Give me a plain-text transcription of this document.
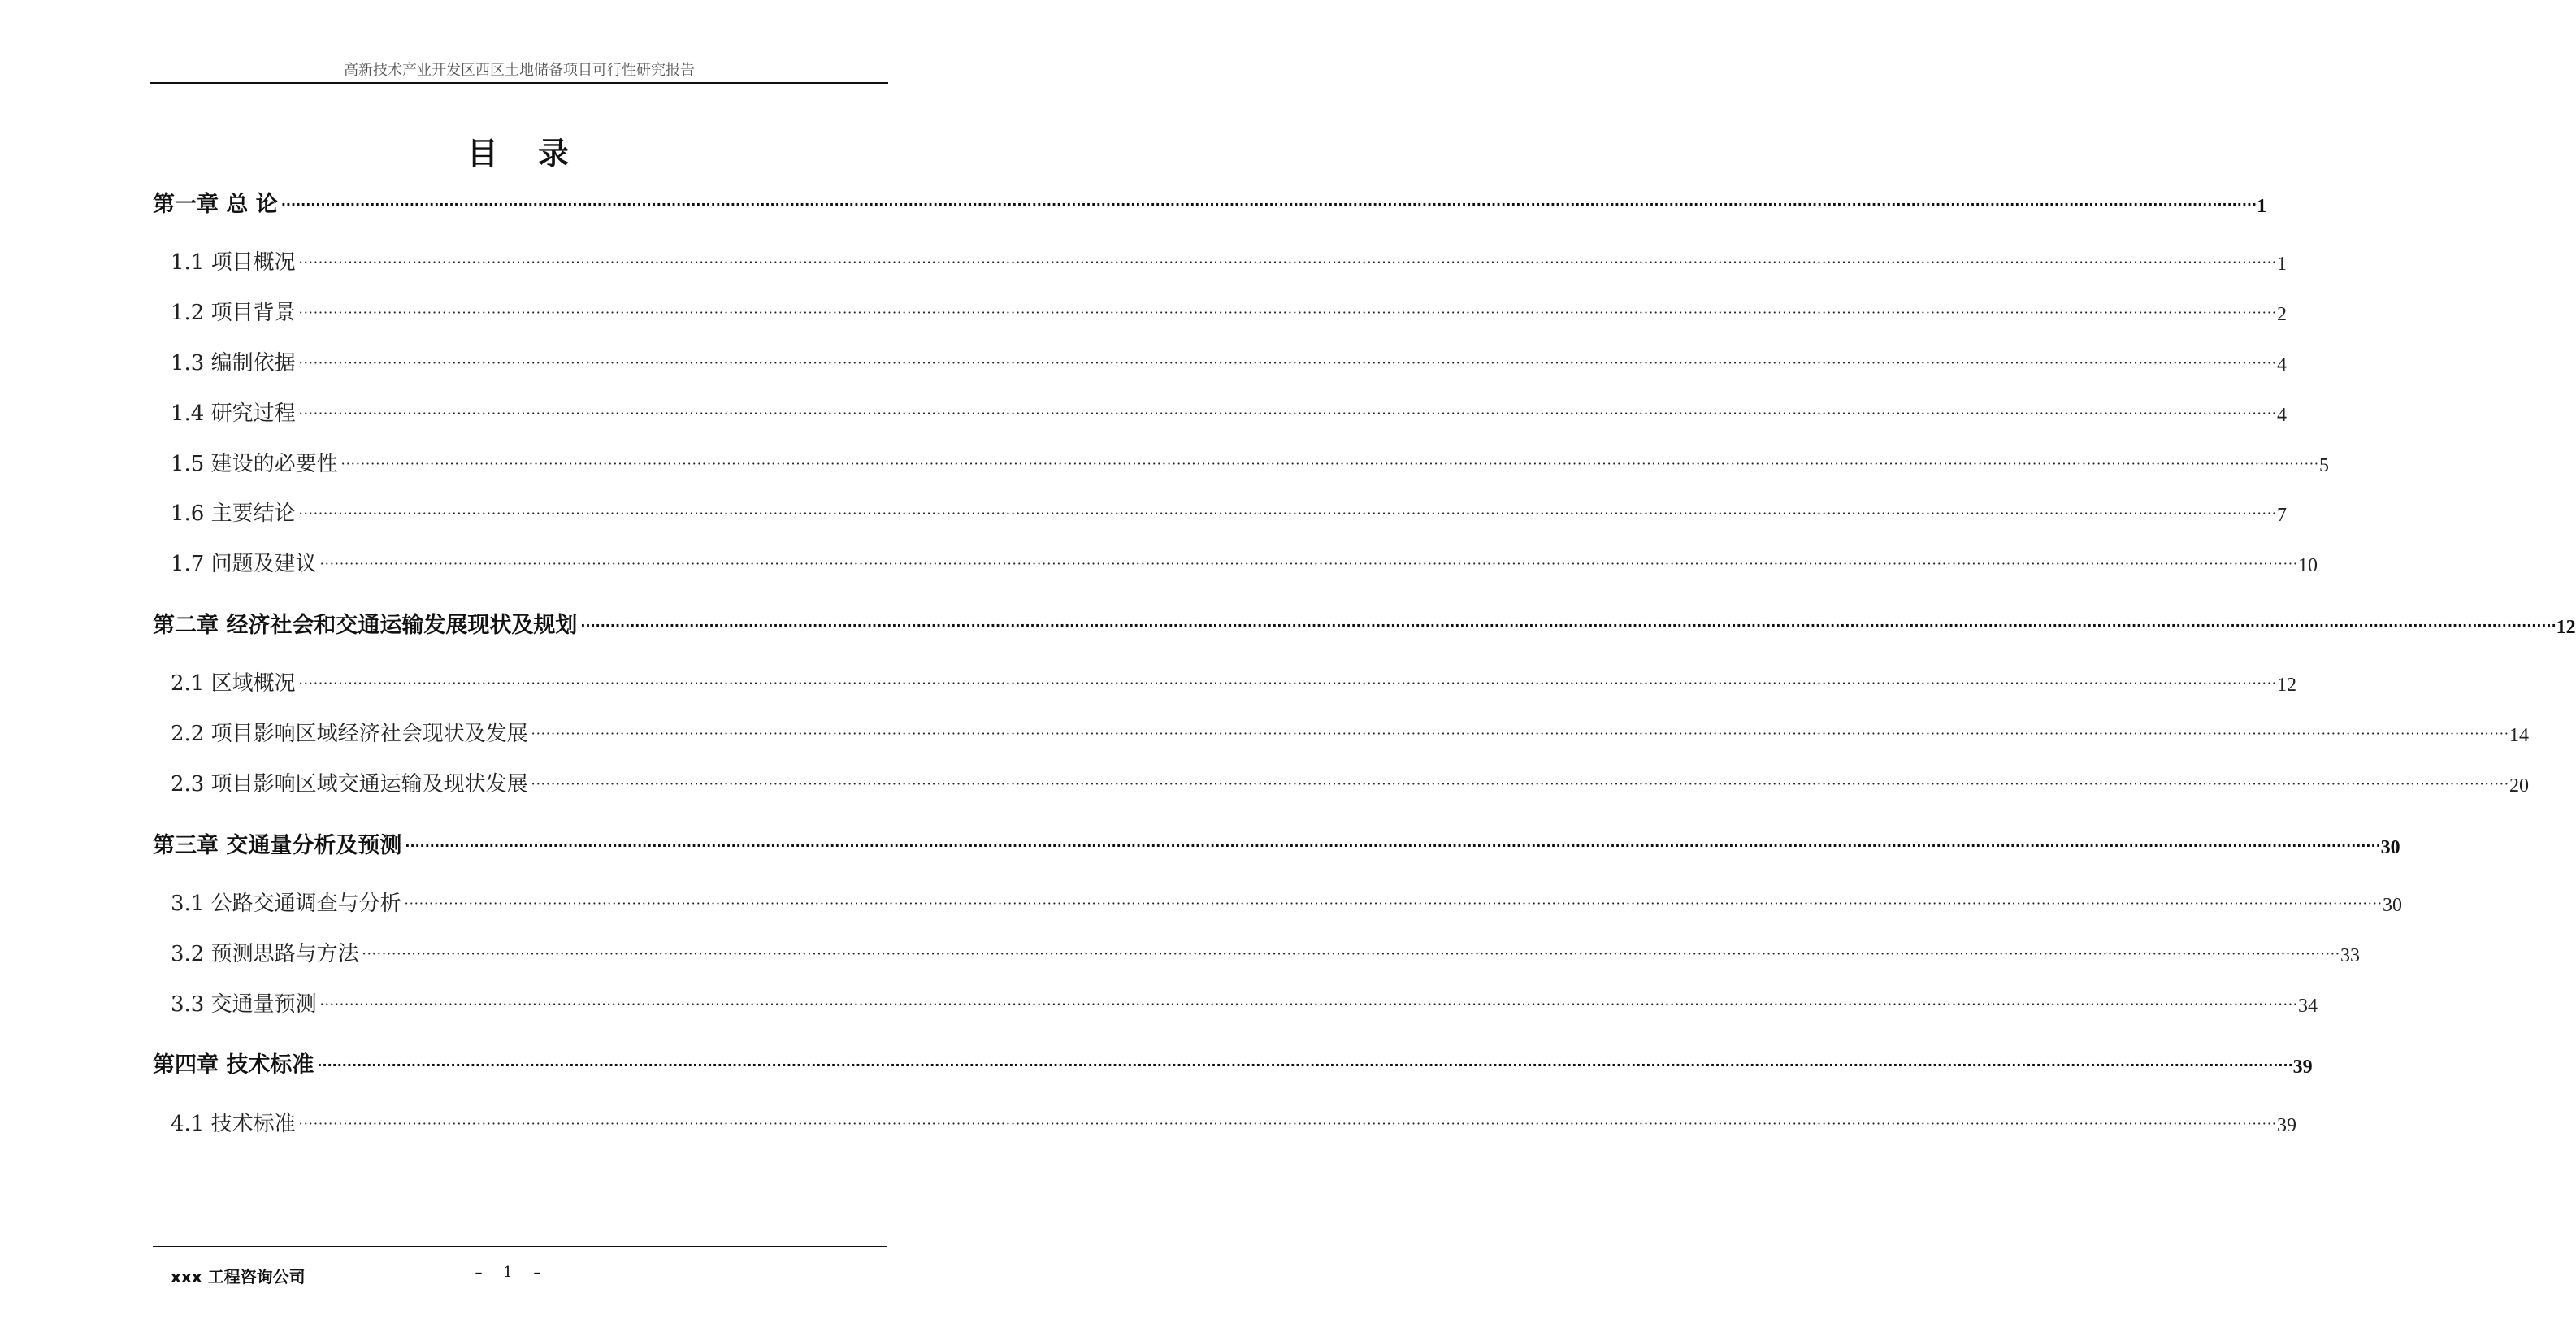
高新技术产业开发区西区土地储备项目可行性研究报告
目 录
第一章 总 论 ················································································································································································································································································································································································································ 1
1.1 项目概况 ················································································································································································································································································································································································································ 1
1.2 项目背景 ················································································································································································································································································································································································································ 2
1.3 编制依据 ················································································································································································································································································································································································································ 4
1.4 研究过程 ················································································································································································································································································································································································································ 4
1.5 建设的必要性 ················································································································································································································································································································································································································ 5
1.6 主要结论 ················································································································································································································································································································································································································ 7
1.7 问题及建议 ················································································································································································································································································································································································································ 10
第二章 经济社会和交通运输发展现状及规划 ················································································································································································································································································································································································································ 12
2.1 区域概况 ················································································································································································································································································································································································································ 12
2.2 项目影响区域经济社会现状及发展 ················································································································································································································································································································································································································ 14
2.3 项目影响区域交通运输及现状发展 ················································································································································································································································································································································································································ 20
第三章 交通量分析及预测 ················································································································································································································································································································································································································ 30
3.1 公路交通调查与分析 ················································································································································································································································································································································································································ 30
3.2 预测思路与方法 ················································································································································································································································································································································································································ 33
3.3 交通量预测 ················································································································································································································································································································································································································ 34
第四章 技术标准 ················································································································································································································································································································································································································ 39
4.1 技术标准 ················································································································································································································································································································································································································ 39
xxx 工程咨询公司	– 1 –
